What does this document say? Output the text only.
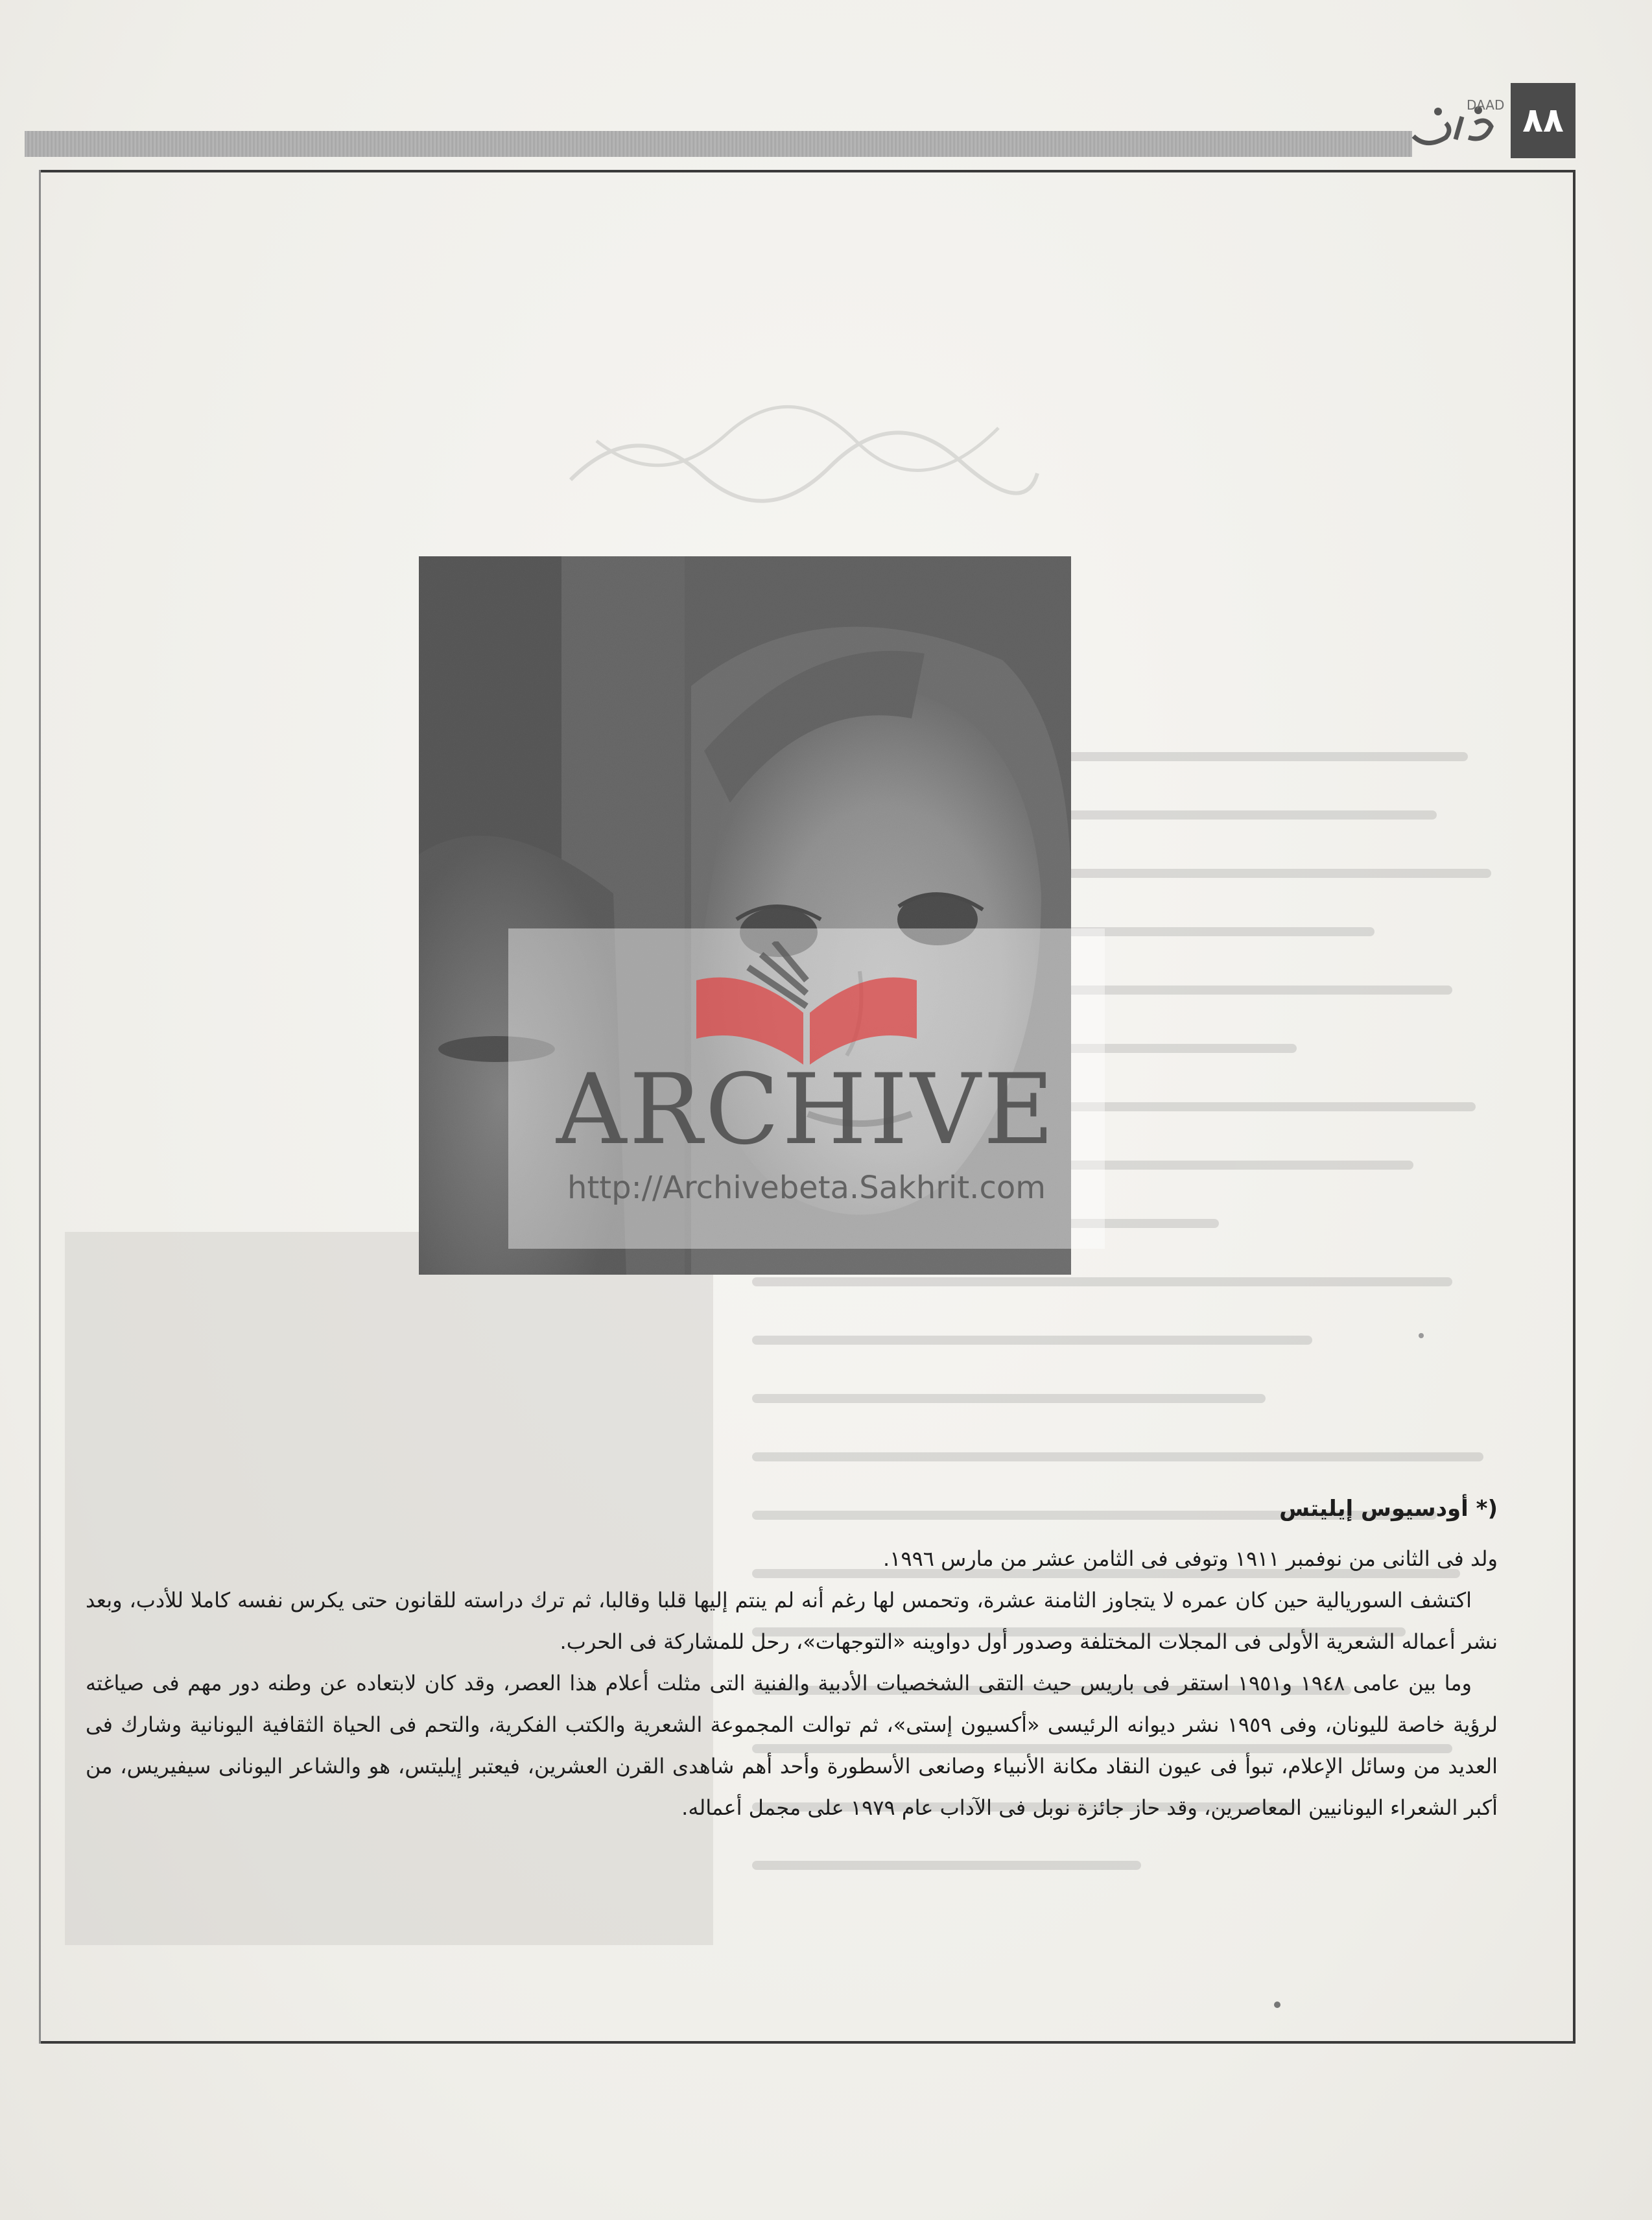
DAAD ٨٨
ARCHIVE
http://Archivebeta.Sakhrit.com

(* أودسيوس إيليتس

ولد فى الثانى من نوفمبر ١٩١١ وتوفى فى الثامن عشر من مارس ١٩٩٦.

اكتشف السوريالية حين كان عمره لا يتجاوز الثامنة عشرة، وتحمس لها رغم أنه لم ينتم إليها قلبا وقالبا، ثم ترك دراسته للقانون حتى يكرس نفسه كاملا للأدب، وبعد نشر أعماله الشعرية الأولى فى المجلات المختلفة وصدور أول دواوينه «التوجهات»، رحل للمشاركة فى الحرب.

وما بين عامى ١٩٤٨ و١٩٥١ استقر فى باريس حيث التقى الشخصيات الأدبية والفنية التى مثلت أعلام هذا العصر، وقد كان لابتعاده عن وطنه دور مهم فى صياغته لرؤية خاصة لليونان، وفى ١٩٥٩ نشر ديوانه الرئيسى «أكسيون إستى»، ثم توالت المجموعة الشعرية والكتب الفكرية، والتحم فى الحياة الثقافية اليونانية وشارك فى العديد من وسائل الإعلام، تبوأ فى عيون النقاد مكانة الأنبياء وصانعى الأسطورة وأحد أهم شاهدى القرن العشرين، فيعتبر إيليتس، هو والشاعر اليونانى سيفيريس، من أكبر الشعراء اليونانيين المعاصرين، وقد حاز جائزة نوبل فى الآداب عام ١٩٧٩ على مجمل أعماله.
